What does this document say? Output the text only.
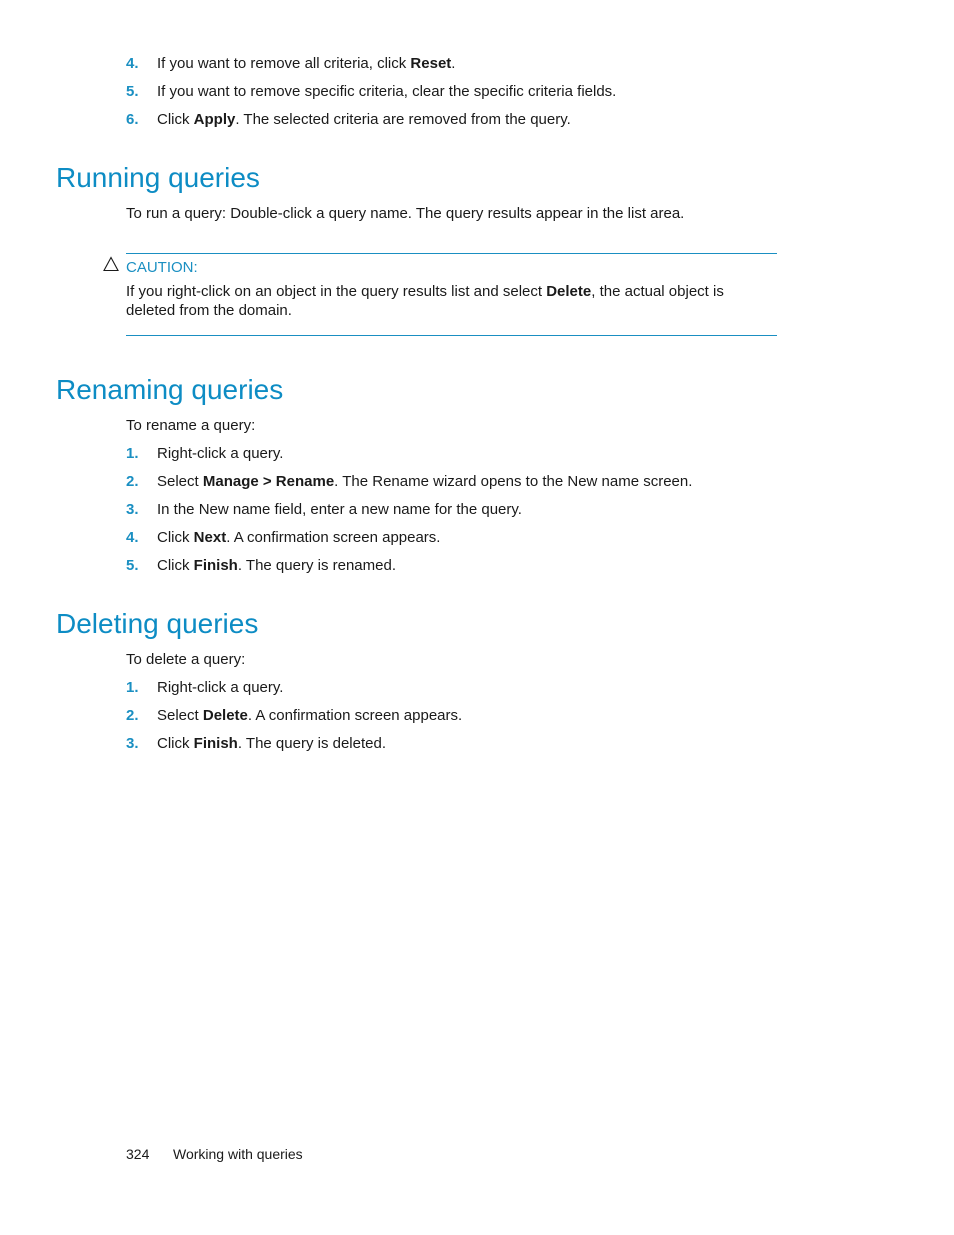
4. If you want to remove all criteria, click Reset.
5. If you want to remove specific criteria, clear the specific criteria fields.
6. Click Apply. The selected criteria are removed from the query.
Running queries

To run a query: Double-click a query name. The query results appear in the list area.

CAUTION:

If you right-click on an object in the query results list and select Delete, the actual object is deleted from the domain.

Renaming queries

To rename a query:

1. Right-click a query.
2. Select Manage > Rename. The Rename wizard opens to the New name screen.
3. In the New name field, enter a new name for the query.
4. Click Next. A confirmation screen appears.
5. Click Finish. The query is renamed.
Deleting queries

To delete a query:

1. Right-click a query.
2. Select Delete. A confirmation screen appears.
3. Click Finish. The query is deleted.
324 Working with queries
